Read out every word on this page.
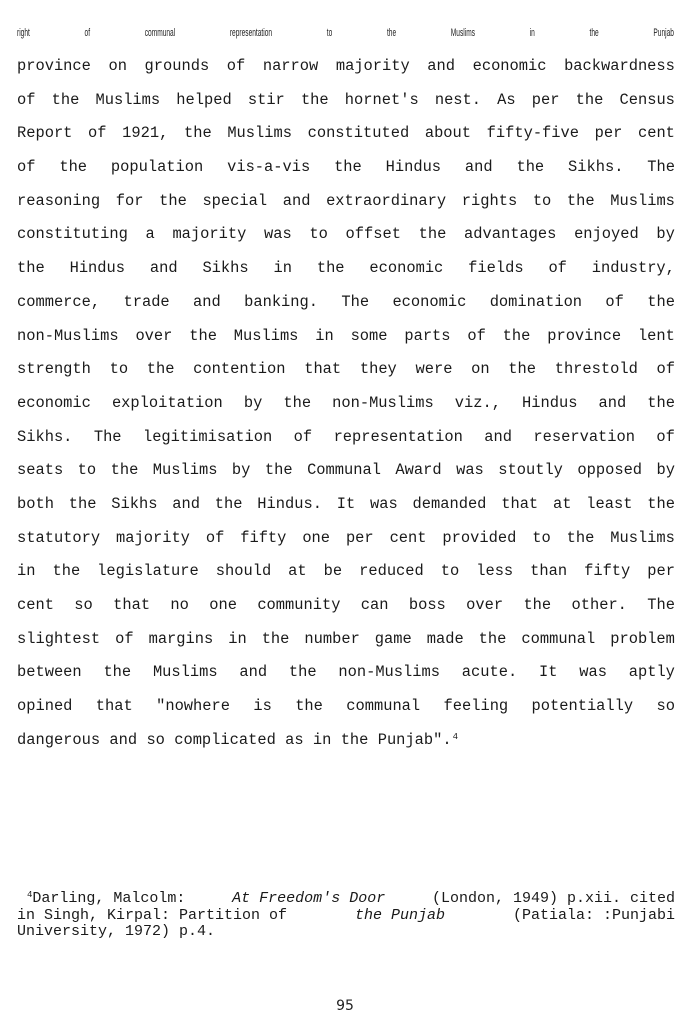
right	of	communal	representation	to	the	Muslims	in	the	Punjab
province on grounds of narrow majority and economic backwardness
of the Muslims helped stir the hornet's nest. As per the Census
Report of 1921, the Muslims constituted about fifty-five per cent
of the population vis-a-vis the Hindus and the Sikhs. The
reasoning for the special and extraordinary rights to the Muslims
constituting a majority was to offset the advantages enjoyed by
the Hindus and Sikhs in the economic fields of industry,
commerce, trade and banking. The economic domination of the
non-Muslims over the Muslims in some parts of the province lent
strength to the contention that they were on the threstold of
economic exploitation by the non-Muslims viz., Hindus and the
Sikhs. The legitimisation of representation and reservation of
seats to the Muslims by the Communal Award was stoutly opposed by
both the Sikhs and the Hindus. It was demanded that at least the
statutory majority of fifty one per cent provided to the Muslims
in the legislature should at be reduced to less than fifty per
cent so that no one community can boss over the other. The
slightest of margins in the number game made the communal problem
between the Muslims and the non-Muslims acute. It was aptly
opined that "nowhere is the communal feeling potentially so
dangerous and so complicated as in the Punjab".$^4$
$^4$Darling, Malcolm:	At Freedom's Door	(London, 1949) p.xii. cited
in Singh, Kirpal: Partition of	the Punjab	(Patiala: :Punjabi
University, 1972) p.4.
95
